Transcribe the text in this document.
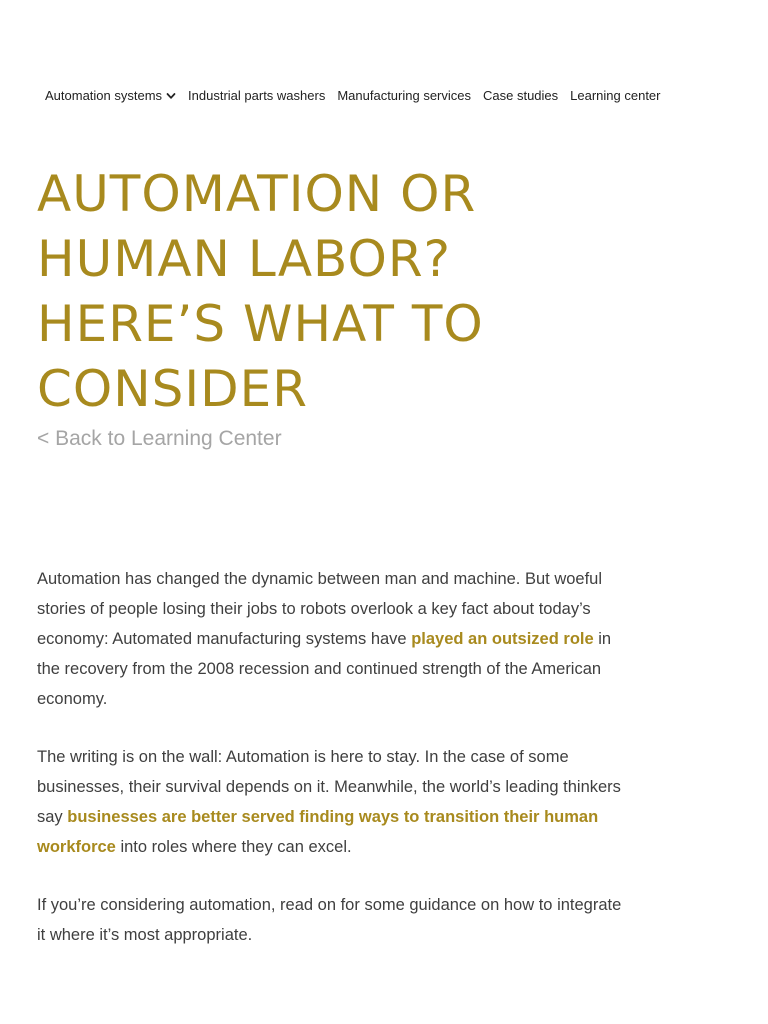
Automation systems Industrial parts washers Manufacturing services Case studies Learning center
AUTOMATION OR HUMAN LABOR? HERE’S WHAT TO CONSIDER
< Back to Learning Center

Automation has changed the dynamic between man and machine. But woeful stories of people losing their jobs to robots overlook a key fact about today’s economy: Automated manufacturing systems have played an outsized role in the recovery from the 2008 recession and continued strength of the American economy.

The writing is on the wall: Automation is here to stay. In the case of some businesses, their survival depends on it. Meanwhile, the world’s leading thinkers say businesses are better served finding ways to transition their human workforce into roles where they can excel.

If you’re considering automation, read on for some guidance on how to integrate it where it’s most appropriate.
